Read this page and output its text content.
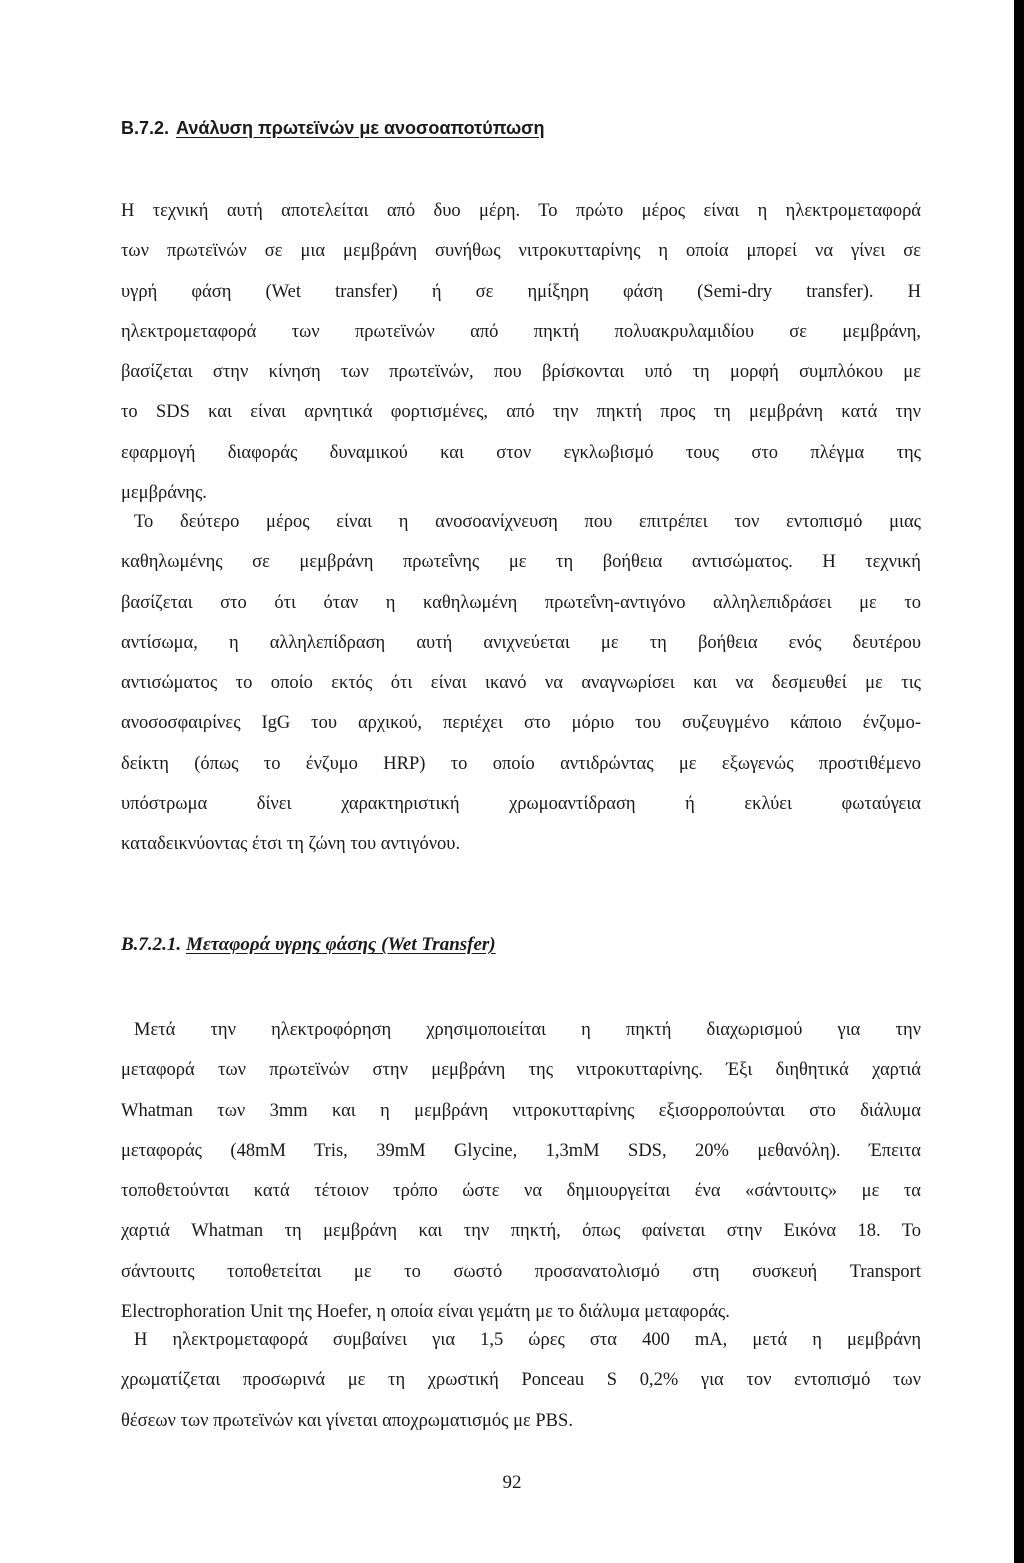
B.7.2. Ανάλυση πρωτεϊνών με ανοσοαποτύπωση
Η τεχνική αυτή αποτελείται από δυο μέρη. Το πρώτο μέρος είναι η ηλεκτρομεταφορά
των πρωτεϊνών σε μια μεμβράνη συνήθως νιτροκυτταρίνης η οποία μπορεί να γίνει σε
υγρή φάση (Wet transfer) ή σε ημίξηρη φάση (Semi-dry transfer). Η
ηλεκτρομεταφορά των πρωτεϊνών από πηκτή πολυακρυλαμιδίου σε μεμβράνη,
βασίζεται στην κίνηση των πρωτεϊνών, που βρίσκονται υπό τη μορφή συμπλόκου με
το SDS και είναι αρνητικά φορτισμένες, από την πηκτή προς τη μεμβράνη κατά την
εφαρμογή διαφοράς δυναμικού και στον εγκλωβισμό τους στο πλέγμα της
μεμβράνης.
Το δεύτερο μέρος είναι η ανοσοανίχνευση που επιτρέπει τον εντοπισμό μιας
καθηλωμένης σε μεμβράνη πρωτεΐνης με τη βοήθεια αντισώματος. Η τεχνική
βασίζεται στο ότι όταν η καθηλωμένη πρωτεΐνη-αντιγόνο αλληλεπιδράσει με το
αντίσωμα, η αλληλεπίδραση αυτή ανιχνεύεται με τη βοήθεια ενός δευτέρου
αντισώματος το οποίο εκτός ότι είναι ικανό να αναγνωρίσει και να δεσμευθεί με τις
ανοσοσφαιρίνες IgG του αρχικού, περιέχει στο μόριο του συζευγμένο κάποιο ένζυμο-
δείκτη (όπως το ένζυμο HRP) το οποίο αντιδρώντας με εξωγενώς προστιθέμενο
υπόστρωμα δίνει χαρακτηριστική χρωμοαντίδραση ή εκλύει φωταύγεια
καταδεικνύοντας έτσι τη ζώνη του αντιγόνου.
B.7.2.1. Μεταφορά υγρης φάσης (Wet Transfer)
Μετά την ηλεκτροφόρηση χρησιμοποιείται η πηκτή διαχωρισμού για την
μεταφορά των πρωτεϊνών στην μεμβράνη της νιτροκυτταρίνης. Έξι διηθητικά χαρτιά
Whatman των 3mm και η μεμβράνη νιτροκυτταρίνης εξισορροπούνται στο διάλυμα
μεταφοράς (48mM Tris, 39mM Glycine, 1,3mM SDS, 20% μεθανόλη). Έπειτα
τοποθετούνται κατά τέτοιον τρόπο ώστε να δημιουργείται ένα «σάντουιτς» με τα
χαρτιά Whatman τη μεμβράνη και την πηκτή, όπως φαίνεται στην Εικόνα 18. Το
σάντουιτς τοποθετείται με το σωστό προσανατολισμό στη συσκευή Transport
Electrophoration Unit της Hoefer, η οποία είναι γεμάτη με το διάλυμα μεταφοράς.
Η ηλεκτρομεταφορά συμβαίνει για 1,5 ώρες στα 400 mA, μετά η μεμβράνη
χρωματίζεται προσωρινά με τη χρωστική Ponceau S 0,2% για τον εντοπισμό των
θέσεων των πρωτεϊνών και γίνεται αποχρωματισμός με PBS.
92
